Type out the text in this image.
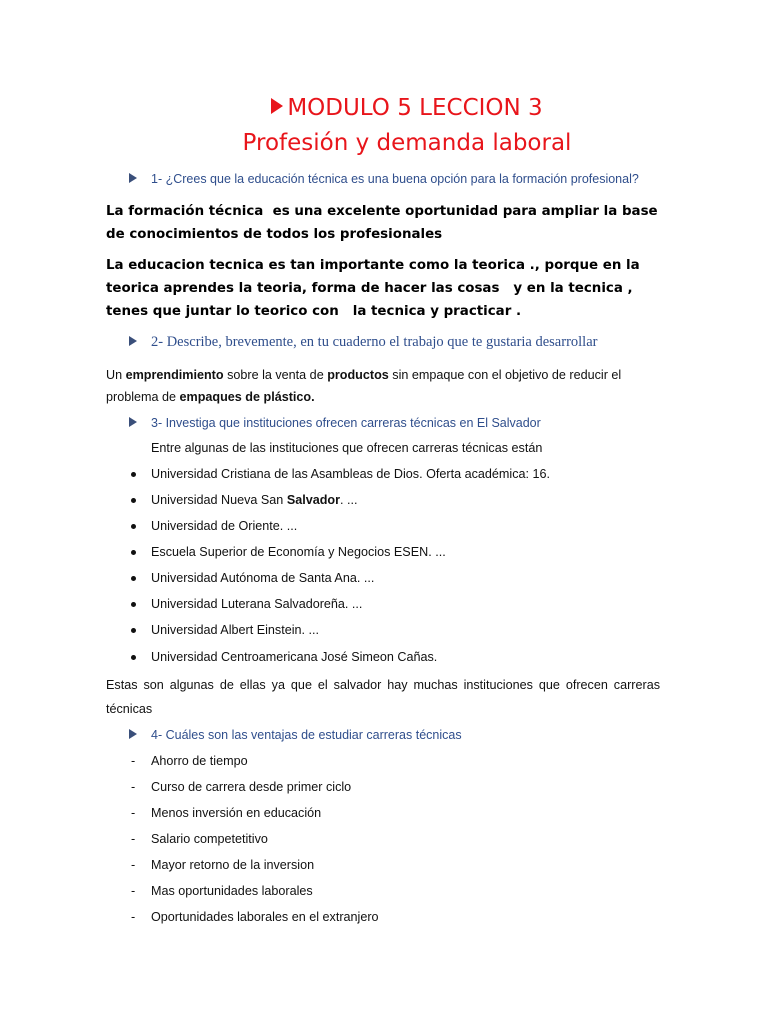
MODULO 5 LECCION 3
Profesión y demanda laboral
1- ¿Crees que la educación técnica es una buena opción para la formación profesional?
La formación técnica  es una excelente oportunidad para ampliar la base
de conocimientos de todos los profesionales
La educacion tecnica es tan importante como la teorica ., porque en la
teorica aprendes la teoria, forma de hacer las cosas   y en la tecnica ,
tenes que juntar lo teorico con   la tecnica y practicar .
2- Describe, brevemente, en tu cuaderno el trabajo que te gustaria desarrollar
Un emprendimiento sobre la venta de productos sin empaque con el objetivo de reducir el problema de empaques de plástico.
3- Investiga que instituciones ofrecen carreras técnicas en El Salvador
Entre algunas de las instituciones que ofrecen carreras técnicas están
Universidad Cristiana de las Asambleas de Dios. Oferta académica: 16.
Universidad Nueva San Salvador. ...
Universidad de Oriente. ...
Escuela Superior de Economía y Negocios ESEN. ...
Universidad Autónoma de Santa Ana. ...
Universidad Luterana Salvadoreña. ...
Universidad Albert Einstein. ...
Universidad Centroamericana José Simeon Cañas.
Estas son algunas de ellas ya que el salvador hay muchas instituciones que ofrecen carreras
técnicas
4- Cuáles son las ventajas de estudiar carreras técnicas
- Ahorro de tiempo
- Curso de carrera desde primer ciclo
- Menos inversión en educación
- Salario competetitivo
- Mayor retorno de la inversion
- Mas oportunidades laborales
- Oportunidades laborales en el extranjero
